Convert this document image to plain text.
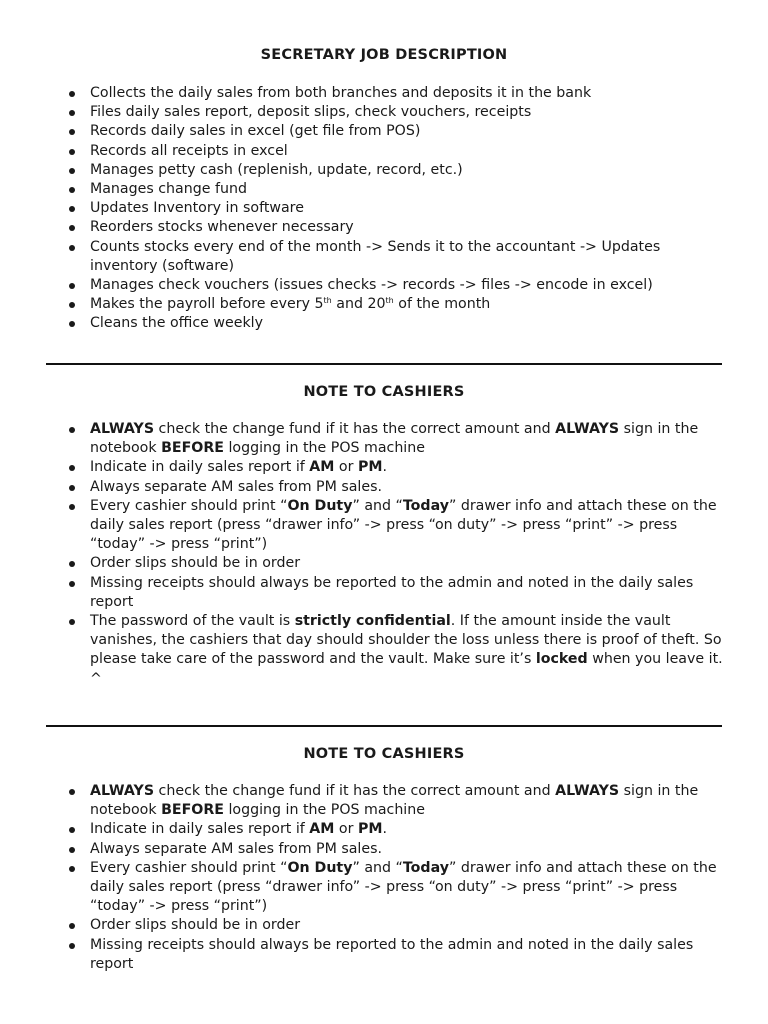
SECRETARY JOB DESCRIPTION
Collects the daily sales from both branches and deposits it in the bank
Files daily sales report, deposit slips, check vouchers, receipts
Records daily sales in excel (get file from POS)
Records all receipts in excel
Manages petty cash (replenish, update, record, etc.)
Manages change fund
Updates Inventory in software
Reorders stocks whenever necessary
Counts stocks every end of the month -> Sends it to the accountant -> Updates inventory (software)
Manages check vouchers (issues checks -> records -> files -> encode in excel)
Makes the payroll before every 5th and 20th of the month
Cleans the office weekly
NOTE TO CASHIERS
ALWAYS check the change fund if it has the correct amount and ALWAYS sign in the notebook BEFORE logging in the POS machine
Indicate in daily sales report if AM or PM.
Always separate AM sales from PM sales.
Every cashier should print “On Duty” and “Today” drawer info and attach these on the daily sales report (press “drawer info” -> press “on duty” -> press “print” -> press “today” -> press “print”)
Order slips should be in order
Missing receipts should always be reported to the admin and noted in the daily sales report
The password of the vault is strictly confidential. If the amount inside the vault vanishes, the cashiers that day should shoulder the loss unless there is proof of theft. So please take care of the password and the vault. Make sure it’s locked when you leave it. ^
NOTE TO CASHIERS
ALWAYS check the change fund if it has the correct amount and ALWAYS sign in the notebook BEFORE logging in the POS machine
Indicate in daily sales report if AM or PM.
Always separate AM sales from PM sales.
Every cashier should print “On Duty” and “Today” drawer info and attach these on the daily sales report (press “drawer info” -> press “on duty” -> press “print” -> press “today” -> press “print”)
Order slips should be in order
Missing receipts should always be reported to the admin and noted in the daily sales report
